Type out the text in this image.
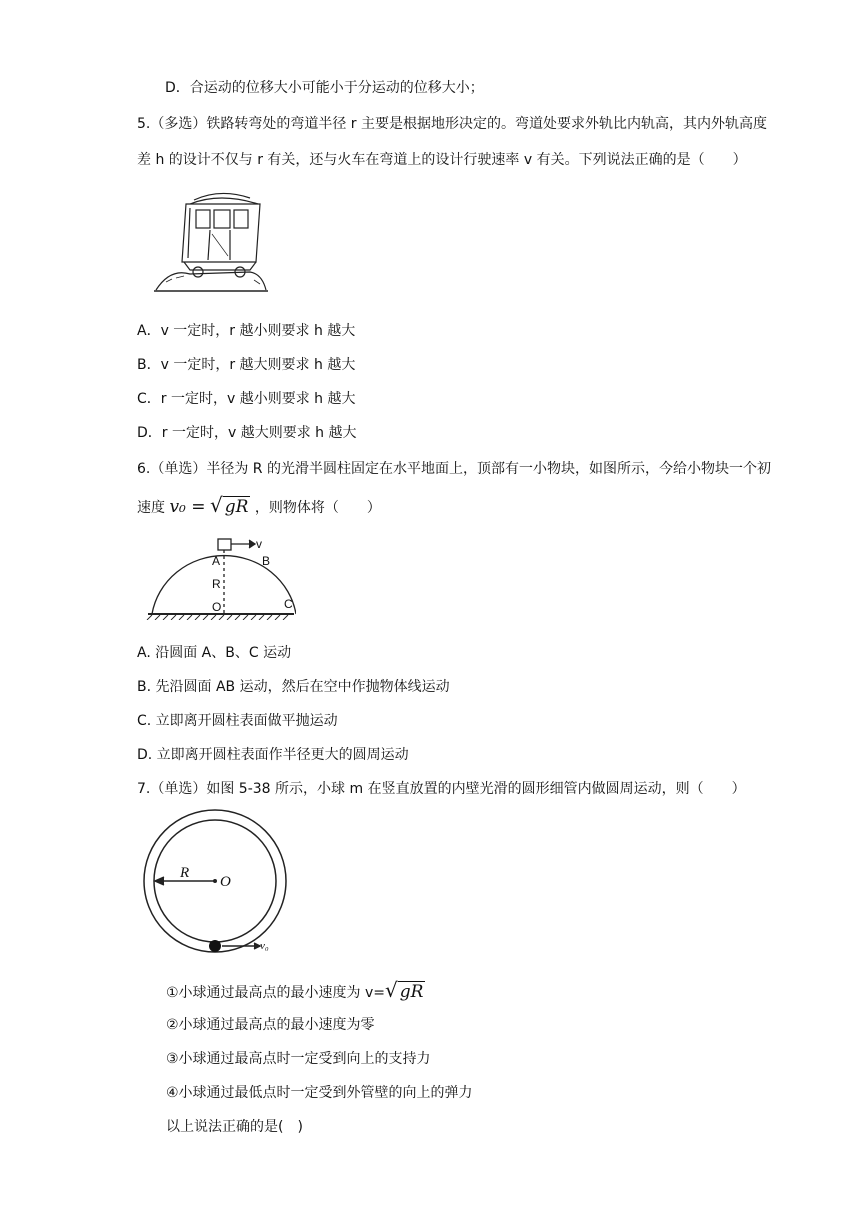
D．合运动的位移大小可能小于分运动的位移大小；
5.（多选）铁路转弯处的弯道半径 r 主要是根据地形决定的。弯道处要求外轨比内轨高，其内外轨高度
差 h 的设计不仅与 r 有关，还与火车在弯道上的设计行驶速率 v 有关。下列说法正确的是（　　）
A．v 一定时，r 越小则要求 h 越大
B．v 一定时，r 越大则要求 h 越大
C．r 一定时，v 越小则要求 h 越大
D．r 一定时，v 越大则要求 h 越大
6.（单选）半径为 R 的光滑半圆柱固定在水平地面上，顶部有一小物块，如图所示，今给小物块一个初
速度 v₀ = √ gR ，则物体将（　　）
v
A	B
R
O	C
A. 沿圆面 A、B、C 运动
B. 先沿圆面 AB 运动，然后在空中作抛物体线运动
C. 立即离开圆柱表面做平抛运动
D. 立即离开圆柱表面作半径更大的圆周运动
7.（单选）如图 5-38 所示，小球 m 在竖直放置的内壁光滑的圆形细管内做圆周运动，则（　　）
R
O
v₀
①小球通过最高点的最小速度为 v=√ gR
②小球通过最高点的最小速度为零
③小球通过最高点时一定受到向上的支持力
④小球通过最低点时一定受到外管壁的向上的弹力
以上说法正确的是(　)
